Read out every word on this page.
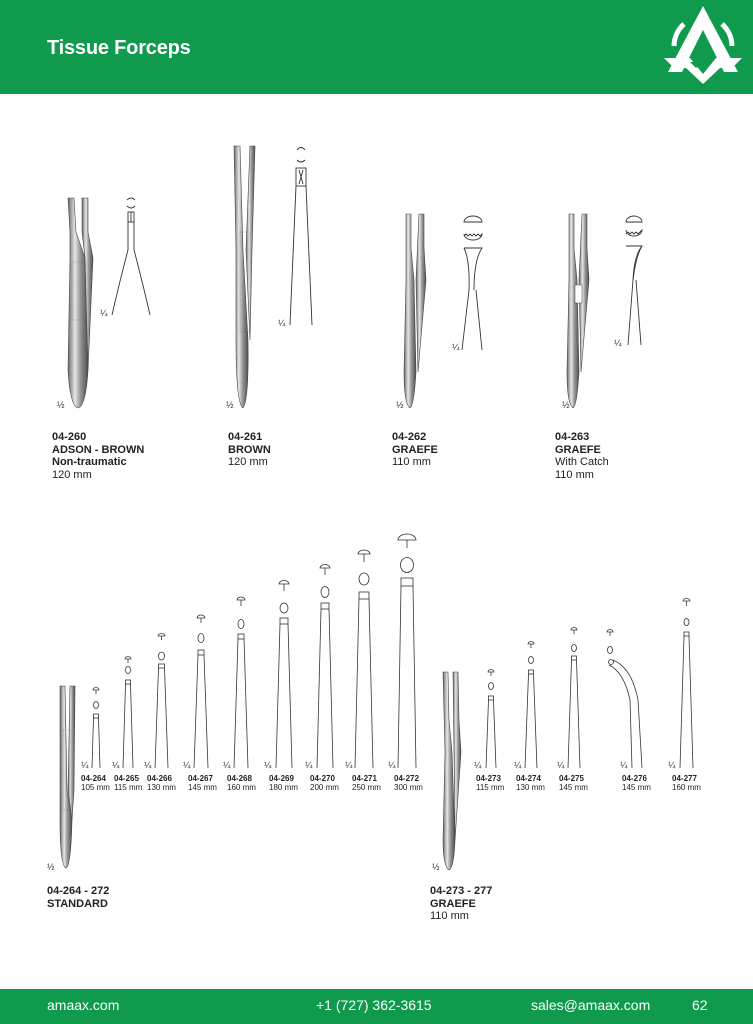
Tissue Forceps
½
¼
½
¼
½
¼
½
¼
½	½
¼	¼	¼	¼	¼	¼	¼	¼	¼	¼	¼	¼	¼	¼
04-260
ADSON - BROWN
Non-traumatic
120 mm
04-261
BROWN
120 mm
04-262
GRAEFE
110 mm
04-263
GRAEFE
With Catch
110 mm
04-264
105 mm
04-265
115 mm
04-266
130 mm
04-267
145 mm
04-268
160 mm
04-269
180 mm
04-270
200 mm
04-271
250 mm
04-272
300 mm
04-273
115 mm
04-274
130 mm
04-275
145 mm
04-276
145 mm
04-277
160 mm
04-264 - 272
STANDARD
04-273 - 277
GRAEFE
110 mm
amaax.com	+1 (727) 362-3615	sales@amaax.com	62
